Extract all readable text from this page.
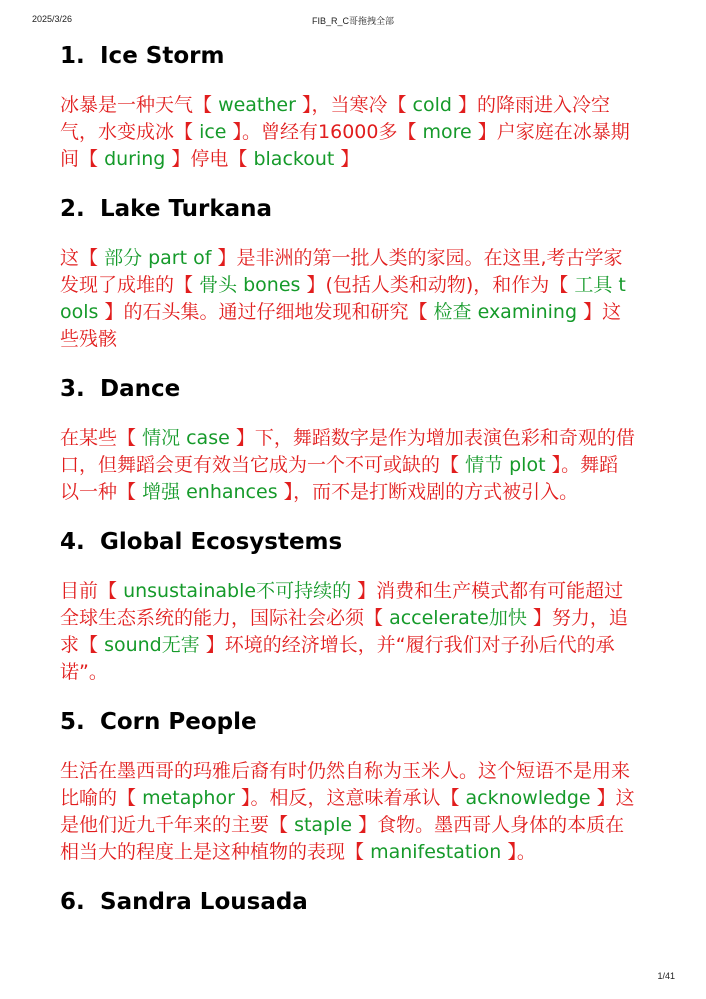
2025/3/26	FIB_R_C哥拖拽全部
1. Ice Storm
冰暴是一种天气【 weather 】，当寒冷【 cold 】的降雨进入冷空气，水变成冰【 ice 】。曾经有16000多【 more 】户家庭在冰暴期间【 during 】停电【 blackout 】
2. Lake Turkana
这【 部分 part of 】是非洲的第一批人类的家园。在这里,考古学家发现了成堆的【 骨头 bones 】(包括人类和动物)，和作为【 工具 tools 】的石头集。通过仔细地发现和研究【 检查 examining 】这些残骸
3. Dance
在某些【 情况 case 】下，舞蹈数字是作为增加表演色彩和奇观的借口，但舞蹈会更有效当它成为一个不可或缺的【 情节 plot 】。舞蹈以一种【 增强 enhances 】，而不是打断戏剧的方式被引入。
4. Global Ecosystems
目前【 unsustainable不可持续的 】消费和生产模式都有可能超过全球生态系统的能力，国际社会必须【 accelerate加快 】努力，追求【 sound无害 】环境的经济增长，并“履行我们对子孙后代的承诺”。
5. Corn People
生活在墨西哥的玛雅后裔有时仍然自称为玉米人。这个短语不是用来比喻的【 metaphor 】。相反，这意味着承认【 acknowledge 】这是他们近九千年来的主要【 staple 】食物。墨西哥人身体的本质在相当大的程度上是这种植物的表现【 manifestation 】。
6. Sandra Lousada
1/41
